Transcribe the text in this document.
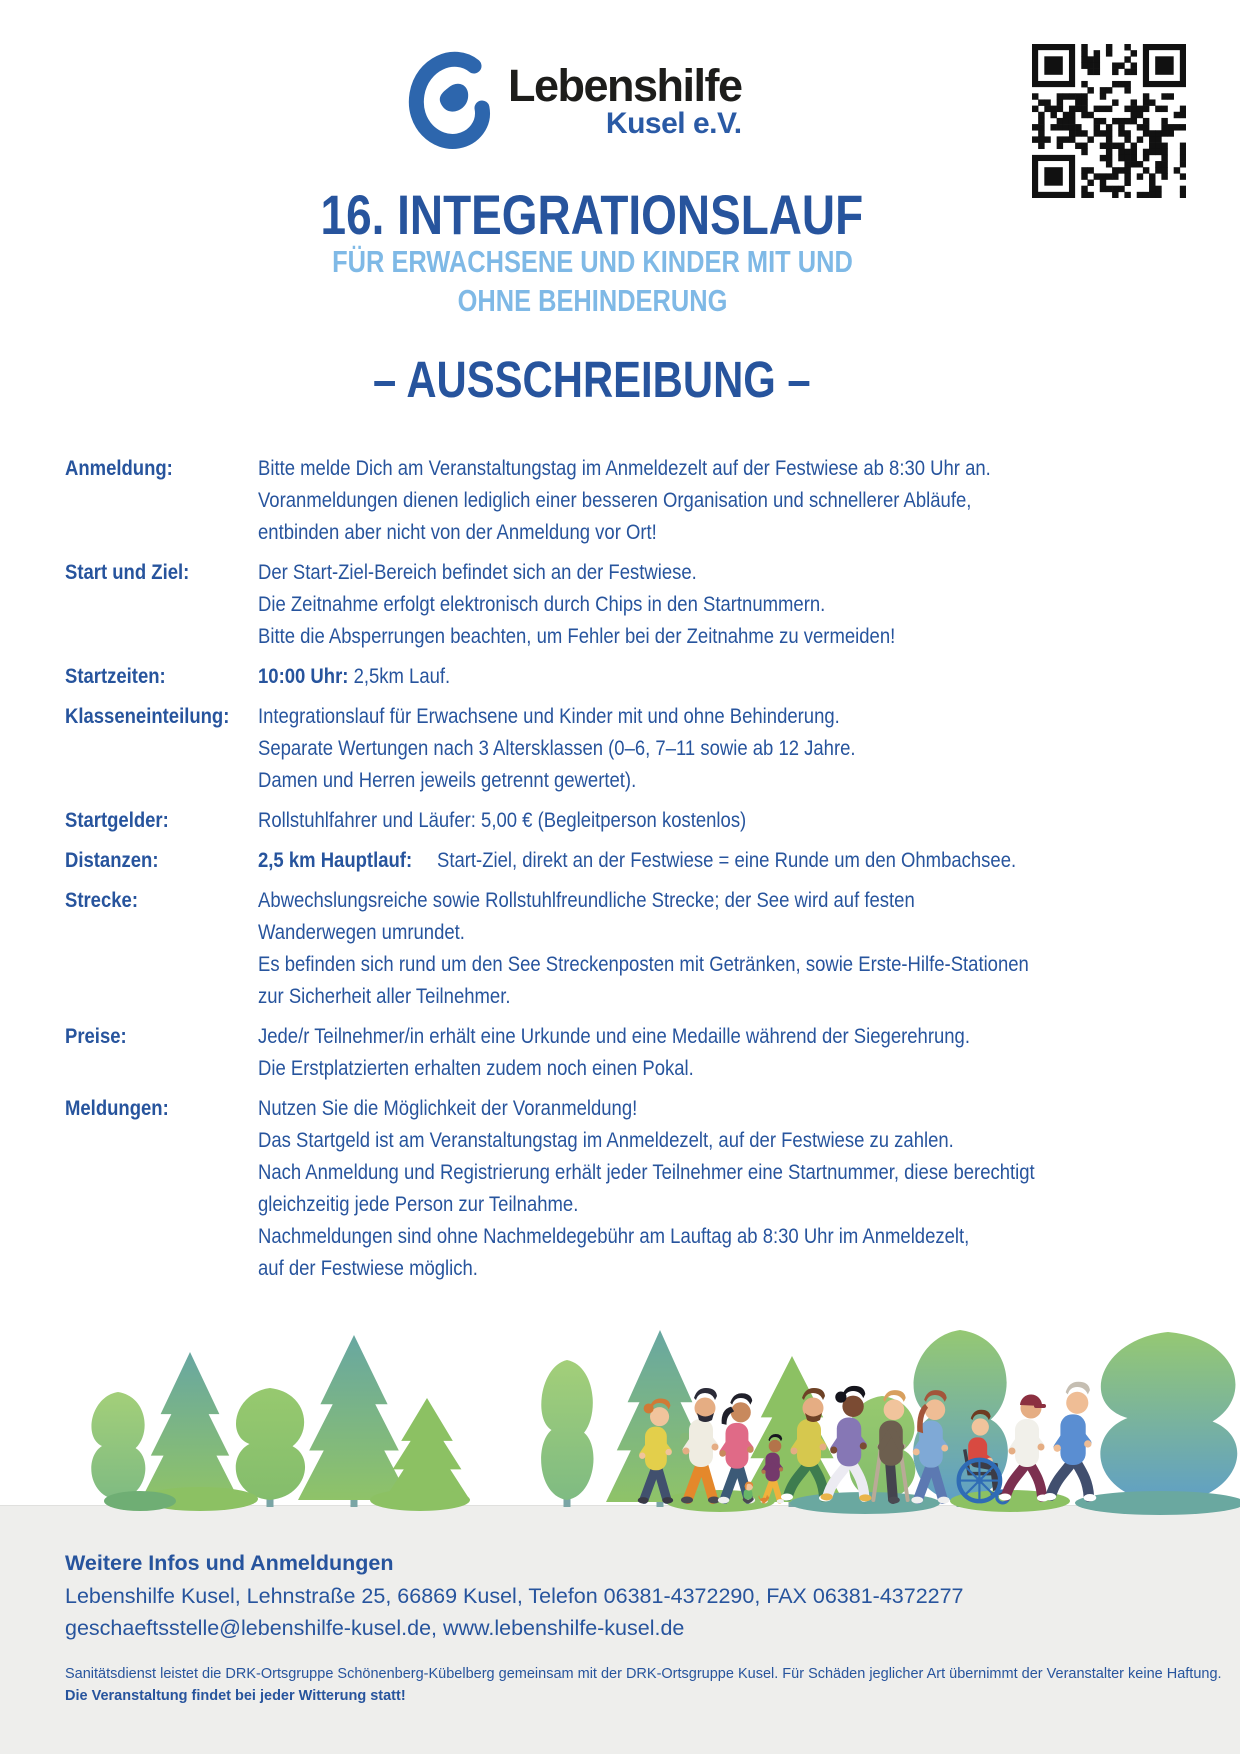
Lebenshilfe
Kusel e.V.
16. INTEGRATIONSLAUF
FÜR ERWACHSENE UND KINDER MIT UND
OHNE BEHINDERUNG
– AUSSCHREIBUNG –
Anmeldung:	Bitte melde Dich am Veranstaltungstag im Anmeldezelt auf der Festwiese ab 8:30 Uhr an.Voranmeldungen dienen lediglich einer besseren Organisation und schnellerer Abläufe,entbinden aber nicht von der Anmeldung vor Ort!
Start und Ziel:	Der Start-Ziel-Bereich befindet sich an der Festwiese.Die Zeitnahme erfolgt elektronisch durch Chips in den Startnummern.Bitte die Absperrungen beachten, um Fehler bei der Zeitnahme zu vermeiden!
Startzeiten:	10:00 Uhr: 2,5km Lauf.
Klasseneinteilung: Integrationslauf für Erwachsene und Kinder mit und ohne Behinderung.Separate Wertungen nach 3 Altersklassen (0–6, 7–11 sowie ab 12 Jahre.Damen und Herren jeweils getrennt gewertet).
Startgelder:	Rollstuhlfahrer und Läufer: 5,00 € (Begleitperson kostenlos)
Distanzen:	2,5 km Hauptlauf: Start-Ziel, direkt an der Festwiese = eine Runde um den Ohmbachsee.
Strecke:	Abwechslungsreiche sowie Rollstuhlfreundliche Strecke; der See wird auf festenWanderwegen umrundet.Es befinden sich rund um den See Streckenposten mit Getränken, sowie Erste-Hilfe-Stationenzur Sicherheit aller Teilnehmer.
Preise:	Jede/r Teilnehmer/in erhält eine Urkunde und eine Medaille während der Siegerehrung.Die Erstplatzierten erhalten zudem noch einen Pokal.
Meldungen:	Nutzen Sie die Möglichkeit der Voranmeldung!Das Startgeld ist am Veranstaltungstag im Anmeldezelt, auf der Festwiese zu zahlen.Nach Anmeldung und Registrierung erhält jeder Teilnehmer eine Startnummer, diese berechtigtgleichzeitig jede Person zur Teilnahme.Nachmeldungen sind ohne Nachmeldegebühr am Lauftag ab 8:30 Uhr im Anmeldezelt,auf der Festwiese möglich.
Weitere Infos und Anmeldungen
Lebenshilfe Kusel, Lehnstraße 25, 66869 Kusel, Telefon 06381-4372290, FAX 06381-4372277
geschaeftsstelle@lebenshilfe-kusel.de, www.lebenshilfe-kusel.de
Sanitätsdienst leistet die DRK-Ortsgruppe Schönenberg-Kübelberg gemeinsam mit der DRK-Ortsgruppe Kusel. Für Schäden jeglicher Art übernimmt der Veranstalter keine Haftung.
Die Veranstaltung findet bei jeder Witterung statt!
